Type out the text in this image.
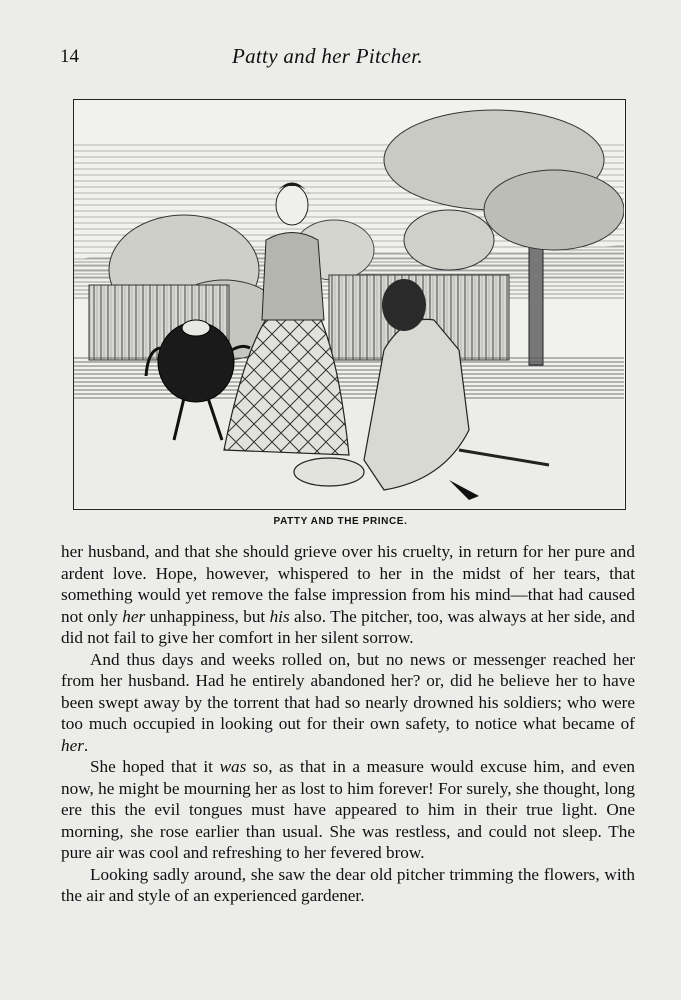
14	Patty and her Pitcher.
PATTY AND THE PRINCE.

her husband, and that she should grieve over his cruelty, in return for her pure and ardent love. Hope, however, whispered to her in the midst of her tears, that something would yet remove the false impression from his mind—that had caused not only her unhappiness, but his also. The pitcher, too, was always at her side, and did not fail to give her comfort in her silent sorrow.

And thus days and weeks rolled on, but no news or messenger reached her from her husband. Had he entirely abandoned her? or, did he believe her to have been swept away by the torrent that had so nearly drowned his soldiers; who were too much occupied in looking out for their own safety, to notice what became of her.

She hoped that it was so, as that in a measure would excuse him, and even now, he might be mourning her as lost to him forever! For surely, she thought, long ere this the evil tongues must have appeared to him in their true light. One morning, she rose earlier than usual. She was restless, and could not sleep. The pure air was cool and refreshing to her fevered brow.

Looking sadly around, she saw the dear old pitcher trimming the flowers, with the air and style of an experienced gardener.
